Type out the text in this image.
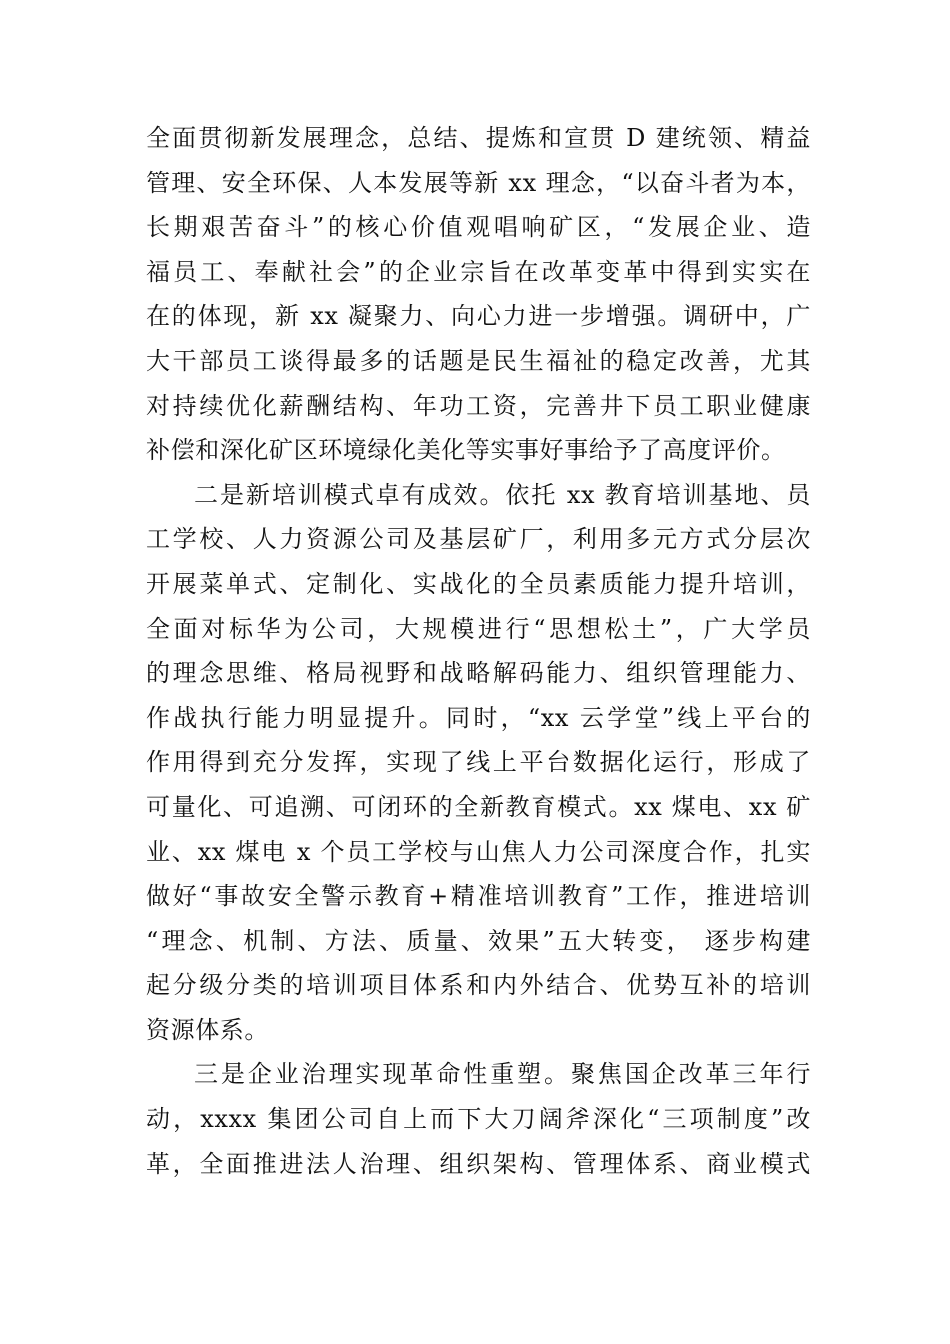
全面贯彻新发展理念，总结、提炼和宣贯 D 建统领、精益
管理、安全环保、人本发展等新 xx 理念，“以奋斗者为本，
长期艰苦奋斗”的核心价值观唱响矿区，“发展企业、造
福员工、奉献社会”的企业宗旨在改革变革中得到实实在
在的体现，新 xx 凝聚力、向心力进一步增强。调研中，广
大干部员工谈得最多的话题是民生福祉的稳定改善，尤其
对持续优化薪酬结构、年功工资，完善井下员工职业健康
补偿和深化矿区环境绿化美化等实事好事给予了高度评价。
二是新培训模式卓有成效。依托 xx 教育培训基地、员
工学校、人力资源公司及基层矿厂，利用多元方式分层次
开展菜单式、定制化、实战化的全员素质能力提升培训，
全面对标华为公司，大规模进行“思想松土”，广大学员
的理念思维、格局视野和战略解码能力、组织管理能力、
作战执行能力明显提升。同时，“xx 云学堂”线上平台的
作用得到充分发挥，实现了线上平台数据化运行，形成了
可量化、可追溯、可闭环的全新教育模式。xx 煤电、xx 矿
业、xx 煤电 x 个员工学校与山焦人力公司深度合作，扎实
做好“事故安全警示教育+精准培训教育”工作，推进培训
“理念、机制、方法、质量、效果”五大转变， 逐步构建
起分级分类的培训项目体系和内外结合、优势互补的培训
资源体系。
三是企业治理实现革命性重塑。聚焦国企改革三年行
动，xxxx 集团公司自上而下大刀阔斧深化“三项制度”改
革，全面推进法人治理、组织架构、管理体系、商业模式
